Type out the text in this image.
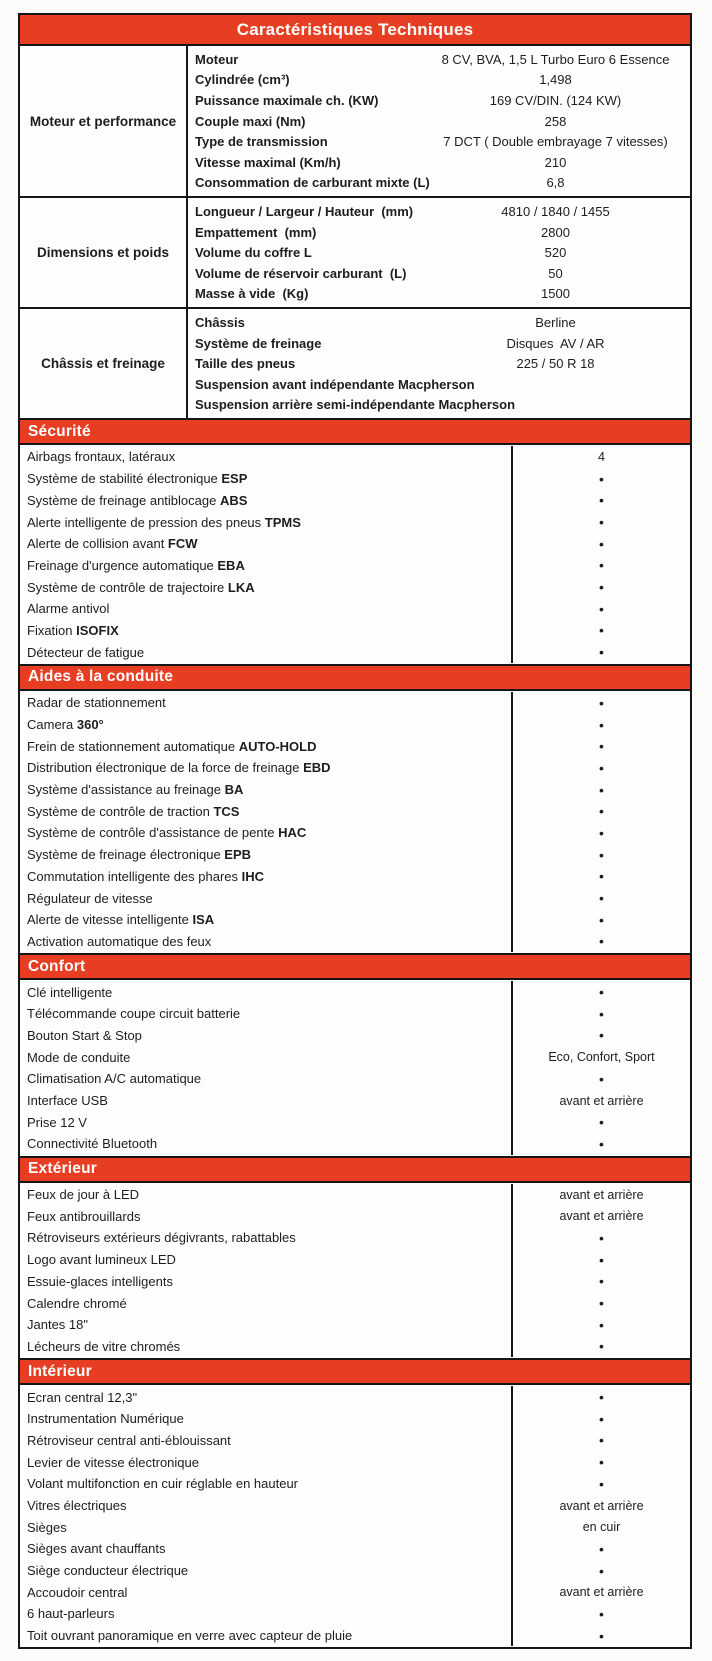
Caractéristiques Techniques
Moteur et performance
Moteur	8 CV, BVA, 1,5 L Turbo Euro 6 Essence
Cylindrée (cm³)	1,498
Puissance maximale ch. (KW)	169 CV/DIN. (124 KW)
Couple maxi (Nm)	258
Type de transmission	7 DCT ( Double embrayage 7 vitesses)
Vitesse maximal (Km/h)	210
Consommation de carburant mixte (L)	6,8
Dimensions et poids
Longueur / Largeur / Hauteur  (mm)	4810 / 1840 / 1455
Empattement  (mm)	2800
Volume du coffre L	520
Volume de réservoir carburant  (L)	50
Masse à vide  (Kg)	1500
Châssis et freinage
Châssis	Berline
Système de freinage	Disques  AV / AR
Taille des pneus	225 / 50 R 18
Suspension avant indépendante Macpherson
Suspension arrière semi-indépendante Macpherson
Sécurité
Airbags frontaux, latéraux	4
Système de stabilité électronique ESP	•
Système de freinage antiblocage ABS	•
Alerte intelligente de pression des pneus TPMS	•
Alerte de collision avant FCW	•
Freinage d'urgence automatique EBA	•
Système de contrôle de trajectoire LKA	•
Alarme antivol	•
Fixation ISOFIX	•
Détecteur de fatigue	•
Aides à la conduite
Radar de stationnement	•
Camera 360°	•
Frein de stationnement automatique AUTO-HOLD	•
Distribution électronique de la force de freinage EBD	•
Système d'assistance au freinage BA	•
Système de contrôle de traction TCS	•
Système de contrôle d'assistance de pente HAC	•
Système de freinage électronique EPB	•
Commutation intelligente des phares IHC	•
Régulateur de vitesse	•
Alerte de vitesse intelligente ISA	•
Activation automatique des feux	•
Confort
Clé intelligente	•
Télécommande coupe circuit batterie	•
Bouton Start & Stop	•
Mode de conduite	Eco, Confort, Sport
Climatisation A/C automatique	•
Interface USB	avant et arrière
Prise 12 V	•
Connectivité Bluetooth	•
Extérieur
Feux de jour à LED	avant et arrière
Feux antibrouillards	avant et arrière
Rétroviseurs extérieurs dégivrants, rabattables	•
Logo avant lumineux LED	•
Essuie-glaces intelligents	•
Calendre chromé	•
Jantes 18"	•
Lécheurs de vitre chromés	•
Intérieur
Ecran central 12,3"	•
Instrumentation Numérique	•
Rétroviseur central anti-éblouissant	•
Levier de vitesse électronique	•
Volant multifonction en cuir réglable en hauteur	•
Vitres électriques	avant et arrière
Sièges	en cuir
Sièges avant chauffants	•
Siège conducteur électrique	•
Accoudoir central	avant et arrière
6 haut-parleurs	•
Toit ouvrant panoramique en verre avec capteur de pluie	•
